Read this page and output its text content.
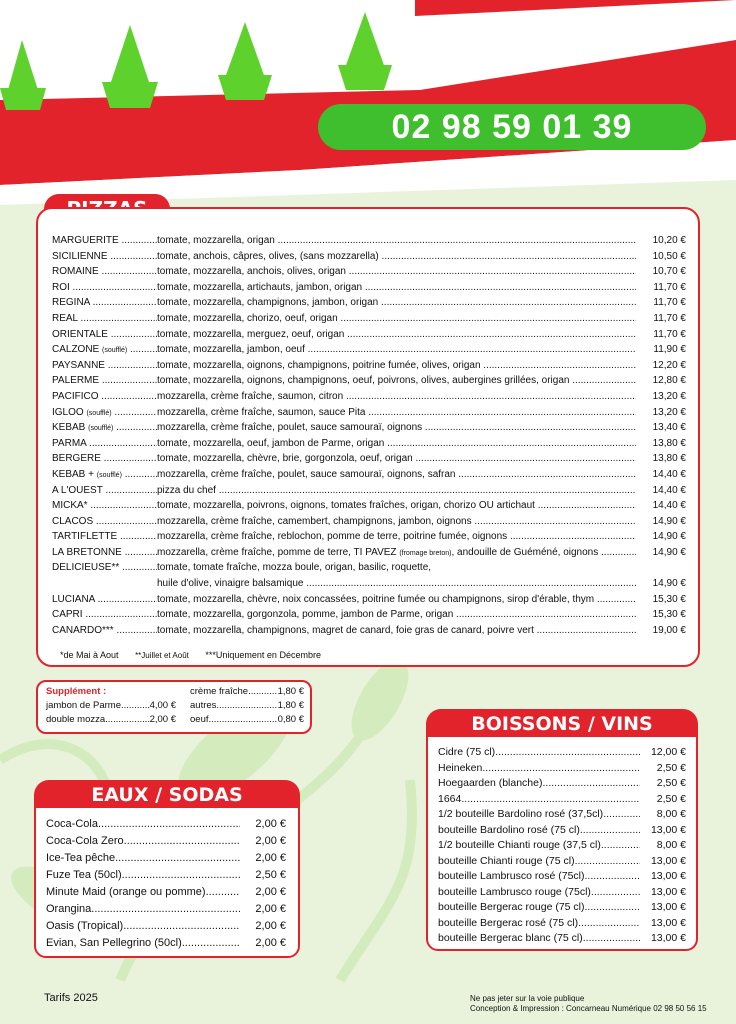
02 98 59 01 39
MARGUERITE .....	tomate, mozzarella, origan .....	10,20 €
SICILIENNE .....	tomate, anchois, câpres, olives, (sans mozzarella) .....	10,50 €
ROMAINE .....	tomate, mozzarella, anchois, olives, origan .....	10,70 €
ROI .....	tomate, mozzarella, artichauts, jambon, origan .....	11,70 €
REGINA .....	tomate, mozzarella, champignons, jambon, origan .....	11,70 €
REAL .....	tomate, mozzarella, chorizo, oeuf, origan .....	11,70 €
ORIENTALE .....	tomate, mozzarella, merguez, oeuf, origan .....	11,70 €
CALZONE (soufflé) .....	tomate, mozzarella, jambon, oeuf .....	11,90 €
PAYSANNE .....	tomate, mozzarella, oignons, champignons, poitrine fumée, olives, origan .....	12,20 €
PALERME .....	tomate, mozzarella, oignons, champignons, oeuf, poivrons, olives, aubergines grillées, origan .....	12,80 €
PACIFICO .....	mozzarella, crème fraîche, saumon, citron .....	13,20 €
IGLOO (soufflé) .....	mozzarella, crème fraîche, saumon, sauce Pita .....	13,20 €
KEBAB (soufflé) .....	mozzarella, crème fraîche, poulet, sauce samouraï, oignons .....	13,40 €
PARMA .....	tomate, mozzarella, oeuf, jambon de Parme, origan .....	13,80 €
BERGERE .....	tomate, mozzarella, chèvre, brie, gorgonzola, oeuf, origan .....	13,80 €
KEBAB + (soufflé) .....	mozzarella, crème fraîche, poulet, sauce samouraï, oignons, safran .....	14,40 €
A L'OUEST .....	pizza du chef .....	14,40 €
MICKA* .....	tomate, mozzarella, poivrons, oignons, tomates fraîches, origan, chorizo OU artichaut .....	14,40 €
CLACOS .....	mozzarella, crème fraîche, camembert, champignons, jambon, oignons .....	14,90 €
TARTIFLETTE .....	mozzarella, crème fraîche, reblochon, pomme de terre, poitrine fumée, oignons .....	14,90 €
LA BRETONNE .....	mozzarella, crème fraîche, pomme de terre, TI PAVEZ (fromage breton), andouille de Guéméné, oignons .....	14,90 €
DELICIEUSE** .....	tomate, tomate fraîche, mozza boule, origan, basilic, roquette,
huile d'olive, vinaigre balsamique .....	14,90 €
LUCIANA .....	tomate, mozzarella, chèvre, noix concassées, poitrine fumée ou champignons, sirop d'érable, thym .....	15,30 €
CAPRI .....	tomate, mozzarella, gorgonzola, pomme, jambon de Parme, origan .....	15,30 €
CANARDO*** .....	tomate, mozzarella, champignons, magret de canard, foie gras de canard, poivre vert .....	19,00 €
*de Mai à Aout **Juillet et Août ***Uniquement en Décembre
Supplément :
jambon de Parme .....	4,00 €
double mozza .....	2,00 €
crème fraîche .....	1,80 €
autres .....	1,80 €
oeuf .....	0,80 €
EAUX / SODAS
Coca-Cola .....	2,00 €
Coca-Cola Zero .....	2,00 €
Ice-Tea pêche .....	2,00 €
Fuze Tea (50cl) .....	2,50 €
Minute Maid (orange ou pomme) .....	2,00 €
Orangina .....	2,00 €
Oasis (Tropical) .....	2,00 €
Evian, San Pellegrino (50cl) .....	2,00 €
BOISSONS / VINS
Cidre (75 cl) .....	12,00 €
Heineken .....	2,50 €
Hoegaarden (blanche) .....	2,50 €
1664 .....	2,50 €
1/2 bouteille Bardolino rosé (37,5cl) .....	8,00 €
bouteille Bardolino rosé (75 cl) .....	13,00 €
1/2 bouteille Chianti rouge (37,5 cl) .....	8,00 €
bouteille Chianti rouge (75 cl) .....	13,00 €
bouteille Lambrusco rosé (75cl) .....	13,00 €
bouteille Lambrusco rouge (75cl) .....	13,00 €
bouteille Bergerac rouge (75 cl) .....	13,00 €
bouteille Bergerac rosé (75 cl) .....	13,00 €
bouteille Bergerac blanc (75 cl) .....	13,00 €
Tarifs 2025	Ne pas jeter sur la voie publique
Conception & Impression : Concarneau Numérique 02 98 50 56 15
